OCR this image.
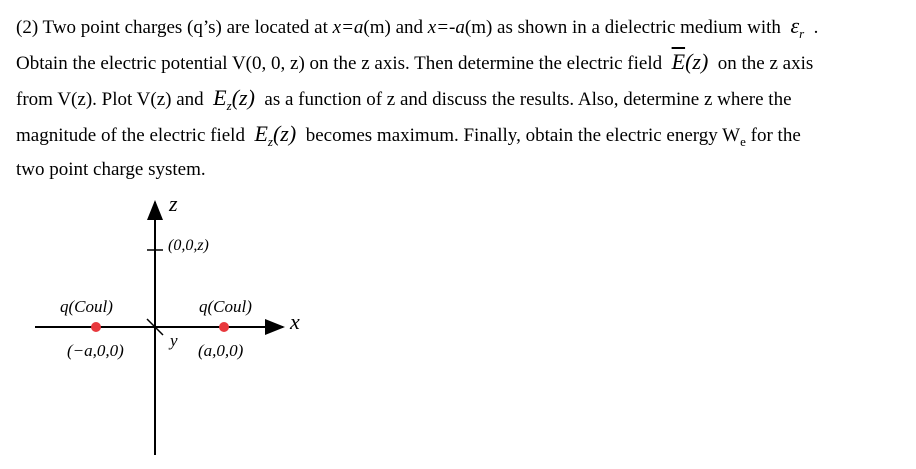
(2) Two point charges (q’s) are located at x=a(m) and x=-a(m) as shown in a dielectric medium with $\varepsilon_r$ .
Obtain the electric potential V(0, 0, z) on the z axis. Then determine the electric field $\overline{E}(z)$ on the z axis
from V(z). Plot V(z) and $E_z(z)$ as a function of z and discuss the results. Also, determine z where the
magnitude of the electric field $E_z(z)$ becomes maximum. Finally, obtain the electric energy $W_e$ for the
two point charge system.
z
(0,0,z)
q(Coul)	q(Coul)
x
y
(−a,0,0)	(a,0,0)
